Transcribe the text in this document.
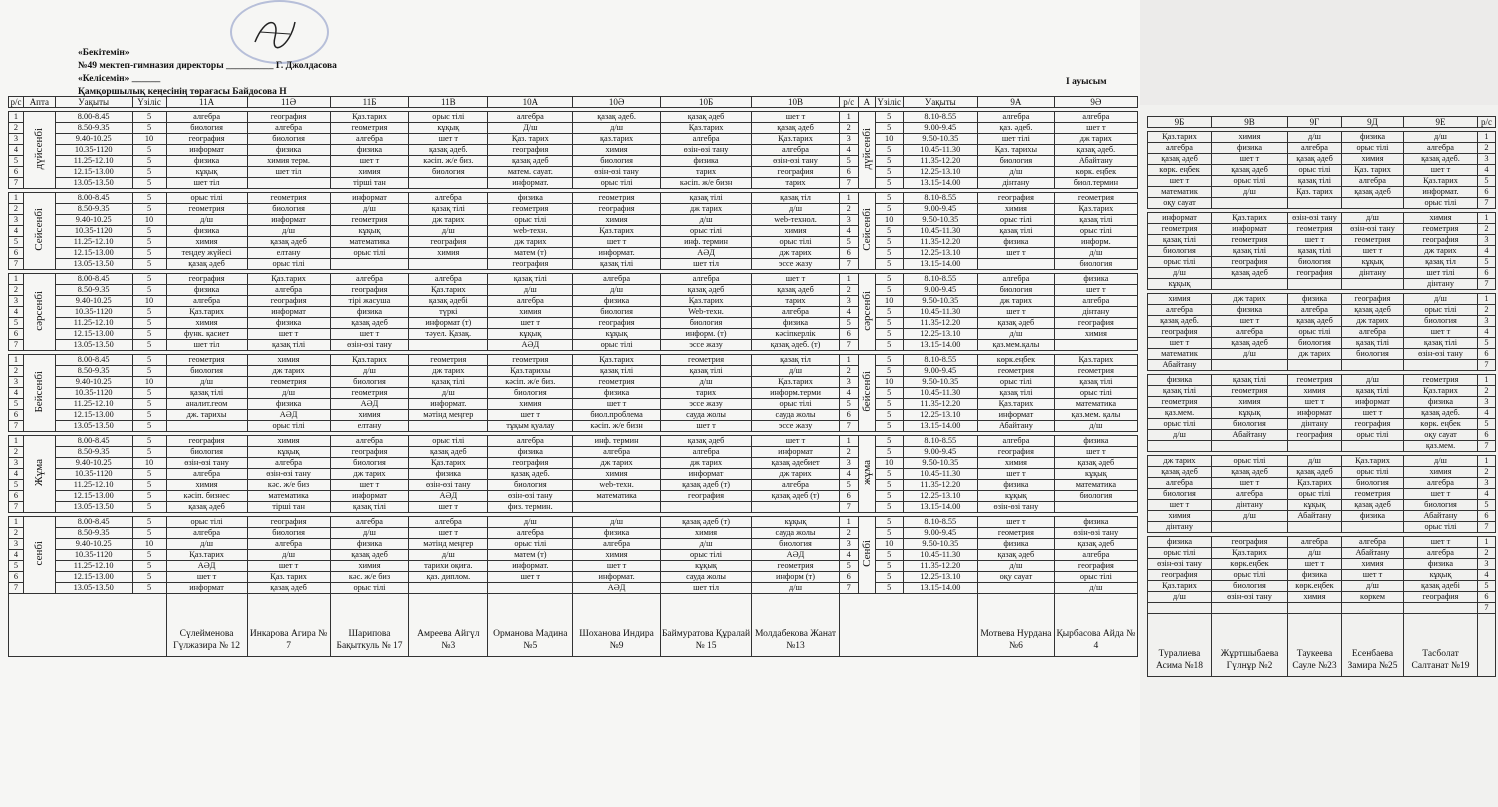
«Бекітемін»
№49 мектеп-гимназия директоры __________ Г. Джолдасова
«Келісемін» ______
Қамқоршылық кеңесінің төрағасы Байдосова Н
I ауысым
р/с	Апта	Уақыты	Үзіліс	11А	11Ә	11Б	11В	10А	10Ә	10Б	10В	р/с	А	Үзіліс	Уақыты	9А	9Ә

1	дүйсенбі	8.00-8.45	5	алгебра	география	Қаз.тарих	орыс тілі	алгебра	қазақ әдеб.	қазақ әдеб	шет т	1	дүйсенбі	5	8.10-8.55	алгебра	алгебра
2		8.50-9.35	5	биология	алгебра	геометрия	кұқық	Д/ш	д/ш	Қаз.тарих	қазақ әдеб	2		5	9.00-9.45	қаз. әдеб.	шет т
3		9.40-10.25	10	география	биология	алгебра	шет т	Қаз. тарих	қаз.тарих	алгебра	Қаз.тарих	3		10	9.50-10.35	шет тілі	дж тарих
4		10.35-1120	5	информат	физика	физика	қазақ әдеб.	география	химия	өзін-өзі тану	алгебра	4		5	10.45-11.30	Қаз. тарихы	қазақ әдеб.
5		11.25-12.10	5	физика	химия терм.	шет т	кәсіп. ж/е биз.	қазақ әдеб	биология	физика	өзін-өзі тану	5		5	11.35-12.20	биология	Абайтану
6		12.15-13.00	5	кұқық	шет тіл	химия	биология	матем. сауат.	өзін-өзі тану	тарих	география	6		5	12.25-13.10	д/ш	көрк. еңбек
7		13.05-13.50	5	шет тіл		тірші тан		информат.	орыс тілі	кәсіп. ж/е бизн	тарих	7		5	13.15-14.00	дінтану	биол.термин

1	Сейсенбі	8.00-8.45	5	орыс тілі	геометрия	информат	алгебра	физика	геометрия	қазақ тілі	қазақ тіл	1	Сейсенбі	5	8.10-8.55	география	геометрия
2		8.50-9.35	5	геометрия	биология	д/ш	қазақ тілі	геометрия	география	дж тарих	д/ш	2		5	9.00-9.45	химия	Қаз.тарих
3		9.40-10.25	10	д/ш	информат	геометрия	дж тарих	орыс тілі	химия	д/ш	web-технол.	3		10	9.50-10.35	орыс тілі	қазақ тілі
4		10.35-1120	5	физика	д/ш	кұқық	д/ш	web-техн.	Қаз.тарих	орыс тілі	химия	4		5	10.45-11.30	қазақ тілі	орыс тілі
5		11.25-12.10	5	химия	қазақ әдеб	математика	география	дж тарих	шет т	инф. термин	орыс тілі	5		5	11.35-12.20	физика	информ.
6		12.15-13.00	5	теңдеу жүйесі	елтану	орыс тілі	химия	матем (т)	информат.	АӘД	дж тарих	6		5	12.25-13.10	шет т	д/ш
7		13.05-13.50	5	қазақ әдеб	орыс тілі			география	қазақ тілі	шет тіл	эссе жазу	7		5	13.15-14.00		биология

1	сәрсенбі	8.00-8.45	5	география	Қаз.тарих	алгебра	алгебра	қазақ тілі	алгебра	алгебра	шет т	1	сәрсенбі	5	8.10-8.55	алгебра	физика
2		8.50-9.35	5	физика	алгебра	география	Қаз.тарих	д/ш	д/ш	қазақ әдеб	қазақ әдеб	2		5	9.00-9.45	биология	шет т
3		9.40-10.25	10	алгебра	география	тірі жасуша	қазақ әдебі	алгебра	физика	Қаз.тарих	тарих	3		10	9.50-10.35	дж тарих	алгебра
4		10.35-1120	5	Қаз.тарих	информат	физика	түркі	химия	биология	Web-техн.	алгебра	4		5	10.45-11.30	шет т	дінтану
5		11.25-12.10	5	химия	физика	қазақ әдеб	информат (т)	шет т	география	биология	физика	5		5	11.35-12.20	қазақ әдеб	география
6		12.15-13.00	5	функ. қасиет	шет т	шет т	тәуел. Қазақ.	кұқық	кұқық	информ. (т)	кәсіпкерлік	6		5	12.25-13.10	д/ш	химия
7		13.05-13.50	5	шет тіл	қазақ тілі	өзін-өзі тану		АӘД	орыс тілі	эссе жазу	қазақ әдеб. (т)	7		5	13.15-14.00	қаз.мем.қалы	

1	Бейсенбі	8.00-8.45	5	геометрия	химия	Қаз.тарих	геометрия	геометрия	Қаз.тарих	геометрия	қазақ тіл	1	бейсенбі	5	8.10-8.55	көрк.еңбек	Қаз.тарих
2		8.50-9.35	5	биология	дж тарих	д/ш	дж тарих	Қаз.тарихы	қазақ тілі	қазақ тілі	д/ш	2		5	9.00-9.45	геометрия	геометрия
3		9.40-10.25	10	д/ш	геометрия	биология	қазақ тілі	кәсіп. ж/е биз.	геометрия	д/ш	Қаз.тарих	3		10	9.50-10.35	орыс тілі	қазақ тілі
4		10.35-1120	5	қазақ тілі	д/ш	геометрия	д/ш	биология	физика	тарих	информ.терми	4		5	10.45-11.30	қазақ тілі	орыс тілі
5		11.25-12.10	5	аналит.геом	физика	АӘД	информат.	химия	шет т	эссе жазу	орыс тілі	5		5	11.35-12.20	Қаз.тарих	математика
6		12.15-13.00	5	дж. тарихы	АӘД	химия	мәтінд меңгер	шет т	биол.проблема	сауда жолы	сауда жолы	6		5	12.25-13.10	информат	қаз.мем. қалы
7		13.05-13.50	5		орыс тілі	елтану		тұқым қуалау	кәсіп. ж/е бизн	шет т	эссе жазу	7		5	13.15-14.00	Абайтану	д/ш

1	Жұма	8.00-8.45	5	география	химия	алгебра	орыс тілі	алгебра	инф. термин	қазақ әдеб	шет т	1	жұма	5	8.10-8.55	алгебра	физика
2		8.50-9.35	5	биология	кұқық	география	қазақ әдеб	физика	алгебра	алгебра	информат	2		5	9.00-9.45	география	шет т
3		9.40-10.25	10	өзін-өзі тану	алгебра	биология	Қаз.тарих	география	дж тарих	дж тарих	қазақ әдебиет	3		10	9.50-10.35	химия	қазақ әдеб
4		10.35-1120	5	алгебра	өзін-өзі тану	дж тарих	физика	қазақ әдеб.	химия	информат	дж тарих	4		5	10.45-11.30	шет т	кұқық
5		11.25-12.10	5	химия	кәс. ж/е биз	шет т	өзін-өзі тану	биология	web-техн.	қазақ әдеб (т)	алгебра	5		5	11.35-12.20	физика	математика
6		12.15-13.00	5	кәсіп. бизнес	математика	информат	АӘД	өзін-өзі тану	математика	география	қазақ әдеб (т)	6		5	12.25-13.10	кұқық	биология
7		13.05-13.50	5	қазақ әдеб	тірші тан	қазақ тілі	шет т	физ. термин.				7		5	13.15-14.00	өзін-өзі тану	

1	сенбі	8.00-8.45	5	орыс тілі	география	алгебра	алгебра	д/ш	д/ш	қазақ әдеб (т)	кұқық	1	Сенбі	5	8.10-8.55	шет т	физика
2		8.50-9.35	5	алгебра	биология	д/ш	шет т	алгебра	физика	химия	сауда жолы	2		5	9.00-9.45	геометрия	өзін-өзі тану
3		9.40-10.25	10	д/ш	алгебра	физика	мәтінд меңгер	орыс тілі	алгебра	д/ш	биология	3		10	9.50-10.35	физика	қазақ әдеб
4		10.35-1120	5	Қаз.тарих	д/ш	қазақ әдеб	д/ш	матем (т)	химия	орыс тілі	АӘД	4		5	10.45-11.30	қазақ әдеб	алгебра
5		11.25-12.10	5	АӘД	шет т	химия	тарихи оқиға.	информат.	шет т	кұқық	геометрия	5		5	11.35-12.20	д/ш	география
6		12.15-13.00	5	шет т	Қаз. тарих	кәс. ж/е биз	қаз. диплом.	шет т	информат.	сауда жолы	информ (т)	6		5	12.25-13.10	оқу сауат	орыс тілі
7		13.05-13.50	5	информат	қазақ әдеб	орыс тілі			АӘД	шет тіл	д/ш	7		5	13.15-14.00		д/ш
				Сүлейменова Гүлжазира № 12	Инкарова Агира № 7	Шарипова Бақыткуль № 17	Амреева Айгүл №3	Орманова Мадина №5	Шоханова Индира №9	Баймуратова Құралай № 15	Молдабекова Жанат №13					Мотвева Нурдана №6	Қырбасова Айда № 4
9Б	9В	9Г	9Д	9Е	р/с

Қаз.тарих	химия	д/ш	физика	д/ш	1
алгебра	физика	алгебра	орыс тілі	алгебра	2
қазақ әдеб	шет т	қазақ әдеб	химия	қазақ әдеб.	3
көрк. еңбек	қазақ әдеб	орыс тілі	Қаз. тарих	шет т	4
шет т	орыс тілі	қазақ тілі	алгебра	Қаз.тарих	5
математик	д/ш	Қаз. тарих	қазақ әдеб	информат.	6
оқу сауат				орыс тілі	7

информат	Қаз.тарих	өзін-өзі тану	д/ш	химия	1
геометрия	информат	геометрия	өзін-өзі тану	геометрия	2
қазақ тілі	геометрия	шет т	геометрия	география	3
биология	қазақ тілі	қазақ тілі	шет т	дж тарих	4
орыс тілі	география	биология	кұқық	қазақ тіл	5
д/ш	қазақ әдеб	география	дінтану	шет тілі	6
кұқық				дінтану	7

химия	дж тарих	физика	география	д/ш	1
алгебра	физика	алгебра	қазақ әдеб	орыс тілі	2
қазақ әдеб.	шет т	қазақ әдеб	дж тарих	биология	3
география	алгебра	орыс тілі	алгебра	шет т	4
шет т	қазақ әдеб	биология	қазақ тілі	қазақ тілі	5
математик	д/ш	дж тарих	биология	өзін-өзі тану	6
Абайтану					7

физика	қазақ тілі	геометрия	д/ш	геометрия	1
қазақ тілі	геометрия	химия	қазақ тілі	Қаз.тарих	2
геометрия	химия	шет т	информат	физика	3
қаз.мем.	кұқық	информат	шет т	қазақ әдеб.	4
орыс тілі	биология	дінтану	география	көрк. еңбек	5
д/ш	Абайтану	география	орыс тілі	оқу сауат	6
				қаз.мем.	7

дж тарих	орыс тілі	д/ш	Қаз.тарих	д/ш	1
қазақ әдеб	қазақ әдеб	қазақ әдеб	орыс тілі	химия	2
алгебра	шет т	Қаз.тарих	биология	алгебра	3
биология	алгебра	орыс тілі	геометрия	шет т	4
шет т	дінтану	кұқық	қазақ әдеб	биология	5
химия	д/ш	Абайтану	физика	Абайтану	6
дінтану				орыс тілі	7

физика	география	алгебра	алгебра	шет т	1
орыс тілі	Қаз.тарих	д/ш	Абайтану	алгебра	2
өзін-өзі тану	көрк.еңбек	шет т	химия	физика	3
география	орыс тілі	физика	шет т	кұқық	4
Қаз.тарих	биология	көрк.еңбек	д/ш	қазақ әдебі	5
д/ш	өзін-өзі тану	химия	көркем	география	6
					7
Туралиева Асима №18	Жұртшыбаева Гүлнұр №2	Таукеева Сауле №23	Есенбаева Замира №25	Тасболат Салтанат №19	
